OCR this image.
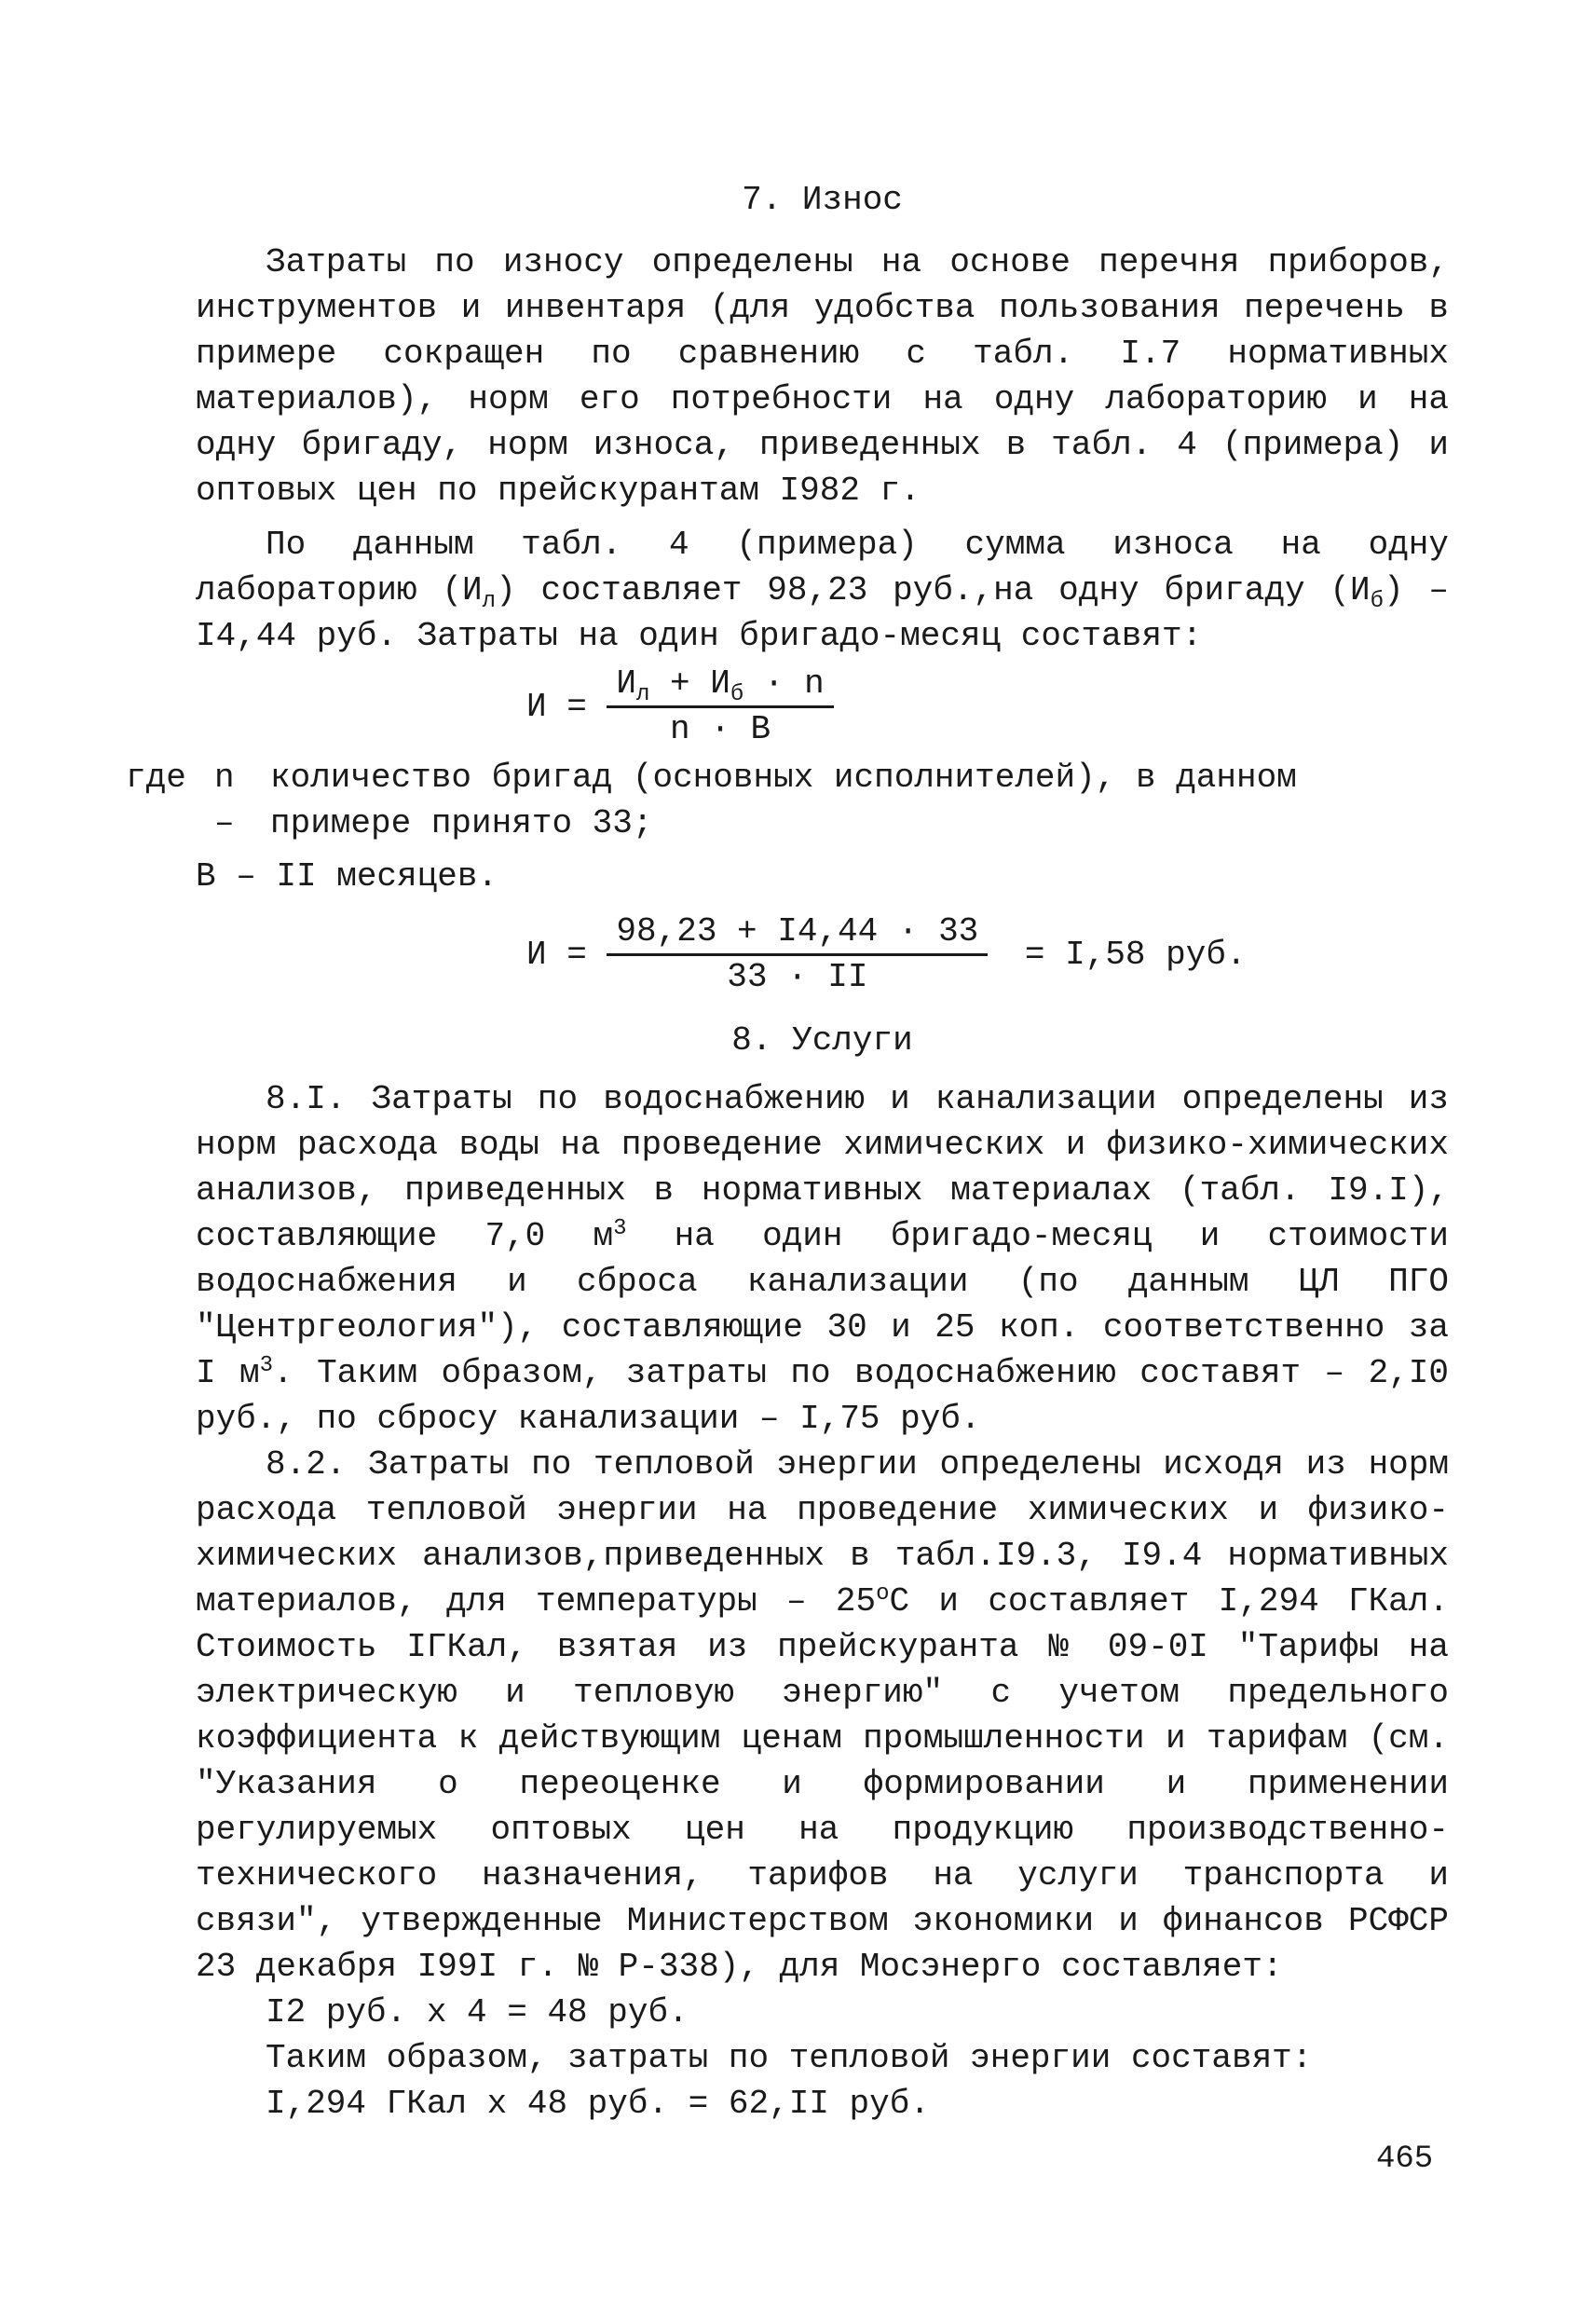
7. Износ

Затраты по износу определены на основе перечня приборов, инструментов и инвентаря (для удобства пользования перечень в примере сокращен по сравнению с табл. I.7 нормативных материалов), норм его потребности на одну лабораторию и на одну бригаду, норм износа, приведенных в табл. 4 (примера) и оптовых цен по прейскурантам I982 г.

По данным табл. 4 (примера) сумма износа на одну лабораторию $(И_л)$ составляет 98,23 руб.,на одну бригаду $(И_б) - I4,44$ руб. Затраты на один бригадо-месяц составят:

$И = \frac{И_л + И_б \cdot n}{n \cdot B}$
где n –
количество бригад (основных исполнителей), в данном примере принято 33;
B – II месяцев.
$И = \frac{98,23 + I4,44 \cdot 33}{33 \cdot II} = I,58$ руб.
8. Услуги

8.I. Затраты по водоснабжению и канализации определены из норм расхода воды на проведение химических и физико-химических анализов, приведенных в нормативных материалах (табл. I9.I), составляющие 7,0 $м^3$ на один бригадо-месяц и стоимости водоснабжения и сброса канализации (по данным ЦЛ ПГО "Центргеология"), составляющие 30 и 25 коп. соответственно за I $м^3$. Таким образом, затраты по водоснабжению составят – 2,I0 руб., по сбросу канализации – I,75 руб.

8.2. Затраты по тепловой энергии определены исходя из норм расхода тепловой энергии на проведение химических и физико-химических анализов,приведенных в табл.I9.3, I9.4 нормативных материалов, для температуры – $25^оС$ и составляет I,294 ГКал. Стоимость IГКал, взятая из прейскуранта № 09-0I "Тарифы на электрическую и тепловую энергию" с учетом предельного коэффициента к действующим ценам промышленности и тарифам (см. "Указания о переоценке и формировании и применении регулируемых оптовых цен на продукцию производственно-технического назначения, тарифов на услуги транспорта и связи", утвержденные Министерством экономики и финансов РСФСР 23 декабря I99I г. № Р-338), для Мосэнерго составляет:

I2 руб. x 4 = 48 руб.

Таким образом, затраты по тепловой энергии составят:

I,294 ГКал x 48 руб. = 62,II руб.

465
